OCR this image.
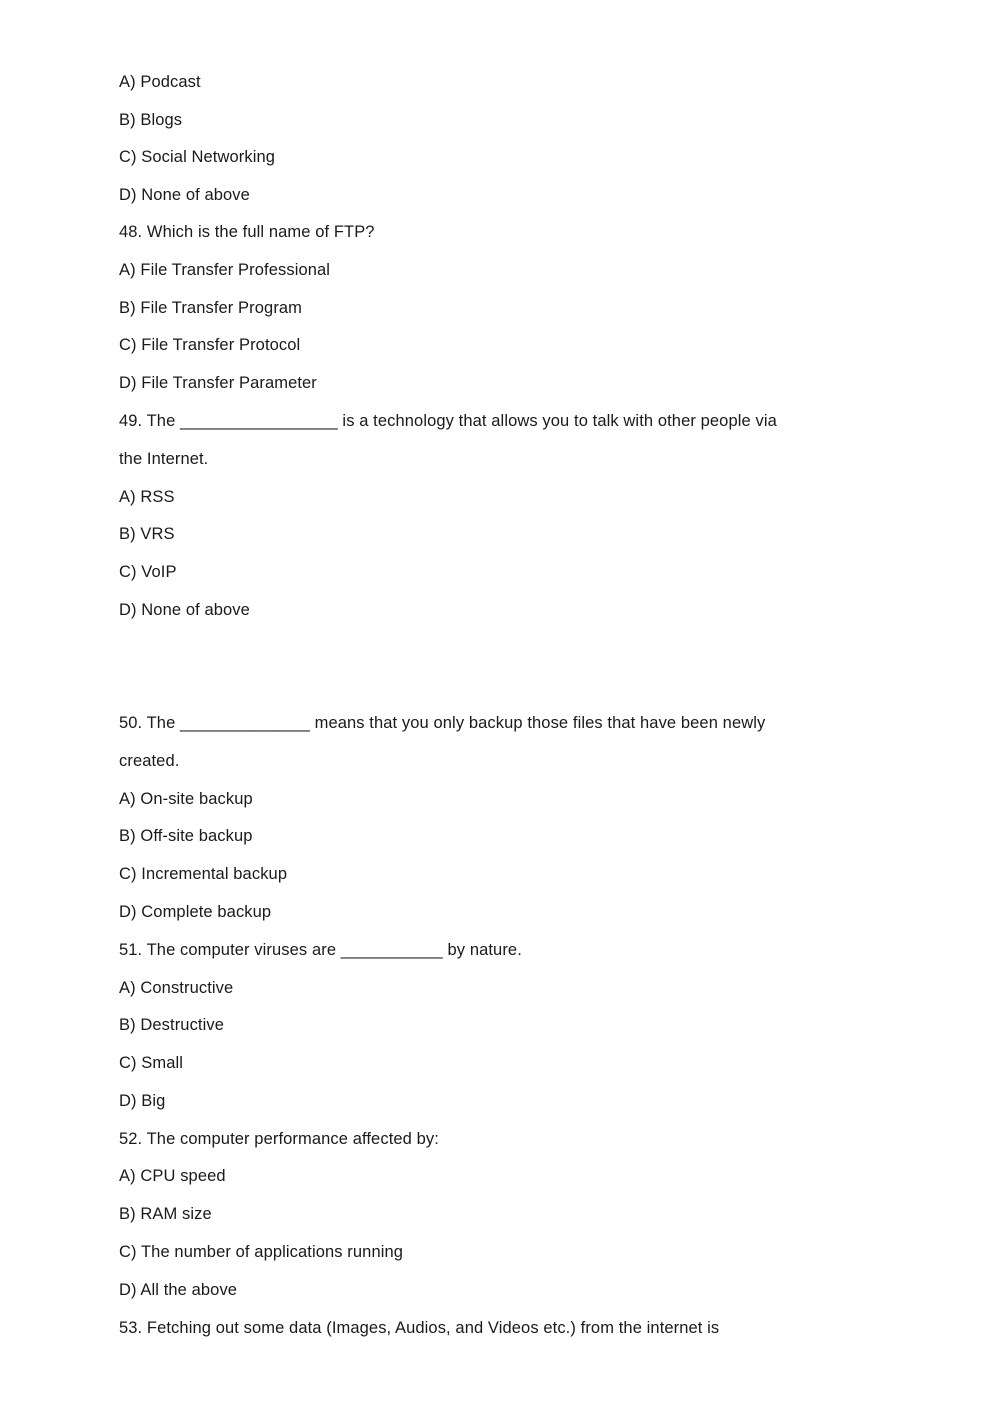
A) Podcast
B) Blogs
C) Social Networking
D) None of above
48. Which is the full name of FTP?
A) File Transfer Professional
B) File Transfer Program
C) File Transfer Protocol
D) File Transfer Parameter
49. The _________________ is a technology that allows you to talk with other people via
the Internet.
A) RSS
B) VRS
C) VoIP
D) None of above
50. The ______________ means that you only backup those files that have been newly
created.
A) On-site backup
B) Off-site backup
C) Incremental backup
D) Complete backup
51. The computer viruses are ___________ by nature.
A) Constructive
B) Destructive
C) Small
D) Big
52. The computer performance affected by:
A) CPU speed
B) RAM size
C) The number of applications running
D) All the above
53. Fetching out some data (Images, Audios, and Videos etc.) from the internet is
